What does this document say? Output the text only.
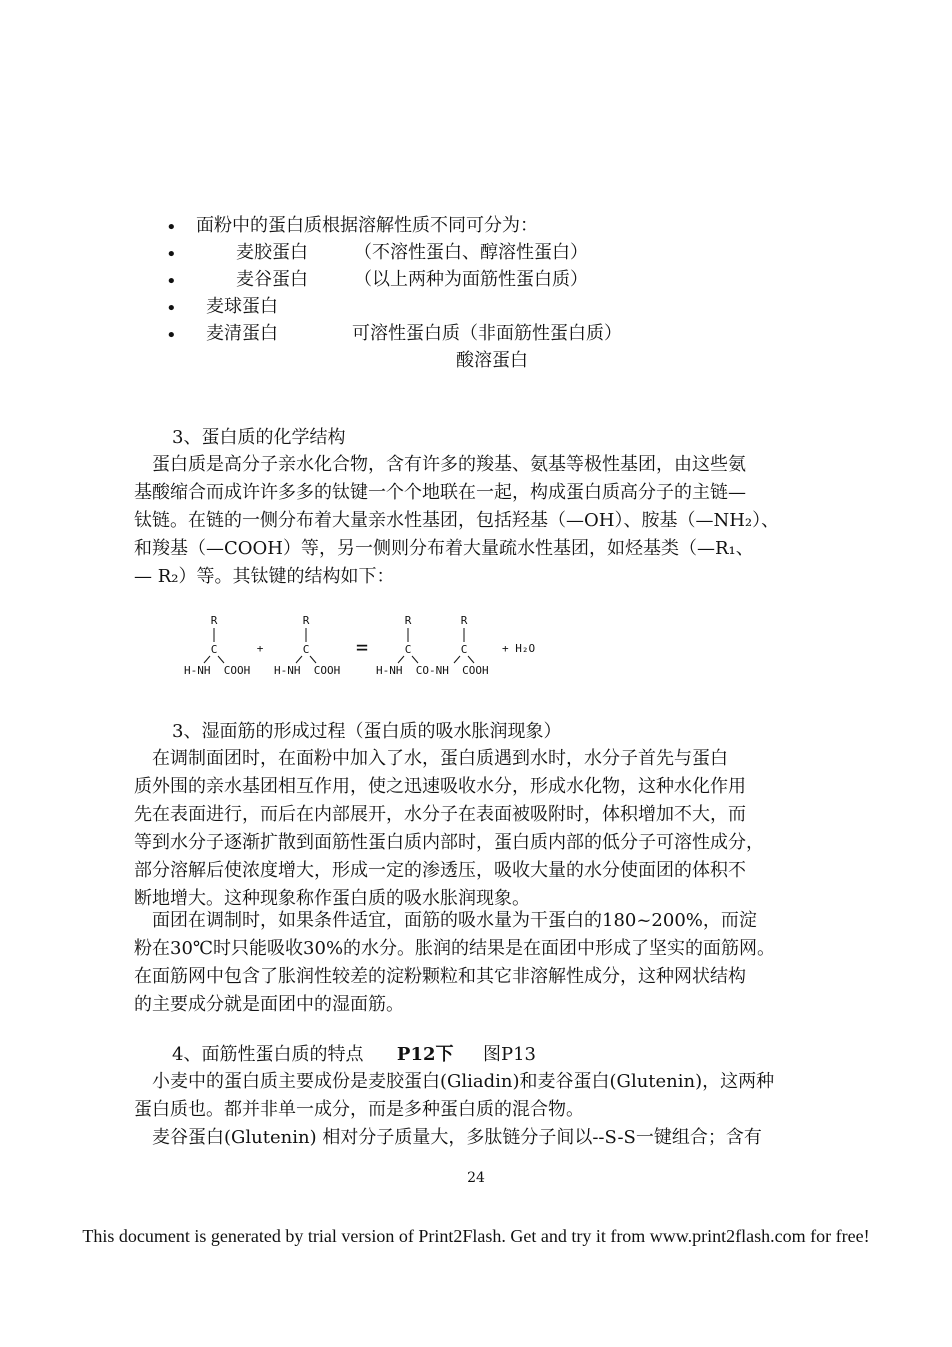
• 面粉中的蛋白质根据溶解性质不同可分为：
•	麦胶蛋白	（不溶性蛋白、醇溶性蛋白）
•	麦谷蛋白	（以上两种为面筋性蛋白质）
• 麦球蛋白
• 麦清蛋白	可溶性蛋白质（非面筋性蛋白质）
酸溶蛋白
3、蛋白质的化学结构
　蛋白质是高分子亲水化合物，含有许多的羧基、氨基等极性基团，由这些氨
基酸缩合而成许许多多的钛键一个个地联在一起，构成蛋白质高分子的主链—
钛链。在链的一侧分布着大量亲水性基团，包括羟基（—OH）、胺基（—NH₂）、
和羧基（—COOH）等，另一侧则分布着大量疏水性基团，如烃基类（—R₁、
— R₂）等。其钛键的结构如下：
R	R	R	R
C	C	C	C
+	=	+ H₂O
H-NH  COOH H-NH  COOH	H-NH  CO-NH  COOH
3、湿面筋的形成过程（蛋白质的吸水胀润现象）
　在调制面团时，在面粉中加入了水，蛋白质遇到水时，水分子首先与蛋白
质外围的亲水基团相互作用，使之迅速吸收水分，形成水化物，这种水化作用
先在表面进行，而后在内部展开，水分子在表面被吸附时，体积增加不大，而
等到水分子逐渐扩散到面筋性蛋白质内部时，蛋白质内部的低分子可溶性成分，
部分溶解后使浓度增大，形成一定的渗透压，吸收大量的水分使面团的体积不
断地增大。这种现象称作蛋白质的吸水胀润现象。
　面团在调制时，如果条件适宜，面筋的吸水量为干蛋白的180~200%，而淀
粉在30℃时只能吸收30%的水分。胀润的结果是在面团中形成了坚实的面筋网。
在面筋网中包含了胀润性较差的淀粉颗粒和其它非溶解性成分，这种网状结构
的主要成分就是面团中的湿面筋。
4、面筋性蛋白质的特点 P12下 图P13
　小麦中的蛋白质主要成份是麦胶蛋白(Gliadin)和麦谷蛋白(Glutenin)，这两种
蛋白质也。都并非单一成分，而是多种蛋白质的混合物。
　麦谷蛋白(Glutenin) 相对分子质量大，多肽链分子间以--S-S一键组合；含有
24
This document is generated by trial version of Print2Flash. Get and try it from www.print2flash.com for free!
